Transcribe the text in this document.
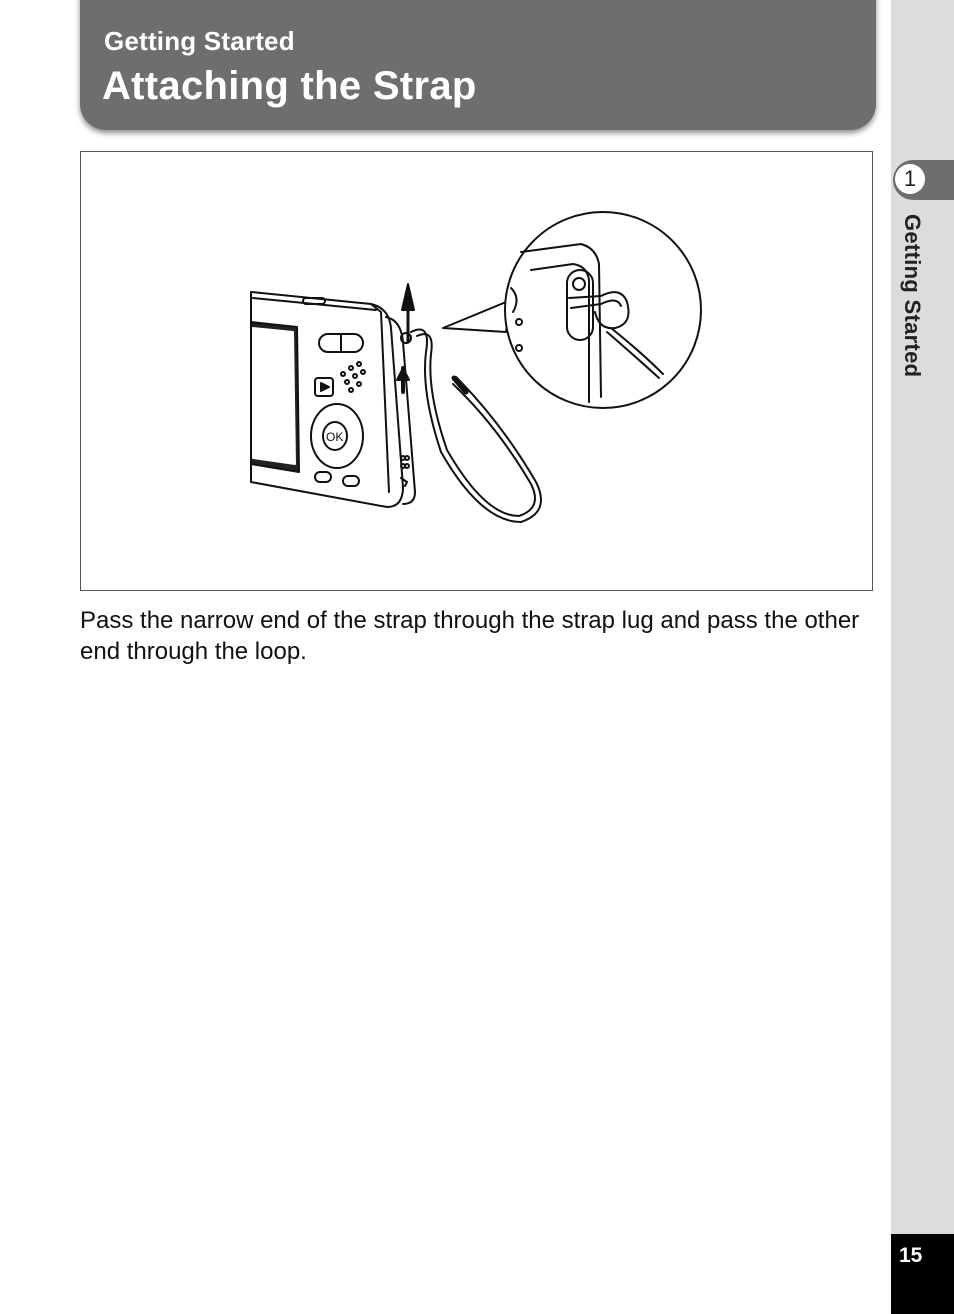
Getting Started
Attaching the Strap
1
Getting Started
OK
Pass the narrow end of the strap through the strap lug and pass the other end through the loop.
15
